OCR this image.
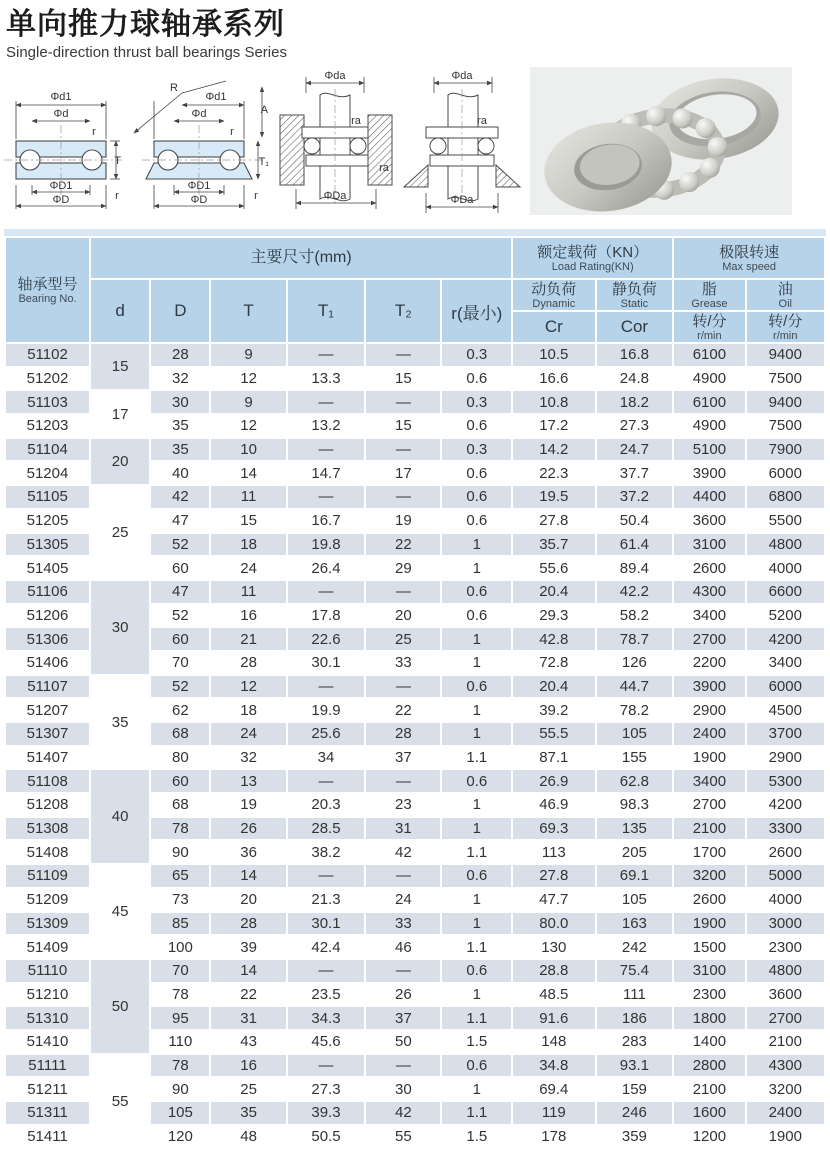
单向推力球轴承系列
Single-direction thrust ball bearings Series
Φd1
Φd
r
T
ΦD1
ΦD	r
R
Φd1
A
Φd
r
T₁
ΦD1
ΦD	r
Φda
ra
ra
ΦDa
Φda
ra
ΦDa
轴承型号
Bearing No.

主要尺寸(mm)	额定载荷（KN）
Load Rating(KN)

极限转速
Max speed

d	D	T	T₁	T₂	r(最小)

动负荷
Dynamic

静负荷
Static

脂
Grease

油
Oil

Cr	Cor	转/分
r/min

转/分
r/min

51102	15	28	9	—	—	0.3	10.5	16.8	6100	9400
51202		32	12	13.3	15	0.6	16.6	24.8	4900	7500
51103	17	30	9	—	—	0.3	10.8	18.2	6100	9400
51203		35	12	13.2	15	0.6	17.2	27.3	4900	7500
51104	20	35	10	—	—	0.3	14.2	24.7	5100	7900
51204		40	14	14.7	17	0.6	22.3	37.7	3900	6000
51105	25	42	11	—	—	0.6	19.5	37.2	4400	6800
51205		47	15	16.7	19	0.6	27.8	50.4	3600	5500
51305		52	18	19.8	22	1	35.7	61.4	3100	4800
51405		60	24	26.4	29	1	55.6	89.4	2600	4000
51106	30	47	11	—	—	0.6	20.4	42.2	4300	6600
51206		52	16	17.8	20	0.6	29.3	58.2	3400	5200
51306		60	21	22.6	25	1	42.8	78.7	2700	4200
51406		70	28	30.1	33	1	72.8	126	2200	3400
51107	35	52	12	—	—	0.6	20.4	44.7	3900	6000
51207		62	18	19.9	22	1	39.2	78.2	2900	4500
51307		68	24	25.6	28	1	55.5	105	2400	3700
51407		80	32	34	37	1.1	87.1	155	1900	2900
51108	40	60	13	—	—	0.6	26.9	62.8	3400	5300
51208		68	19	20.3	23	1	46.9	98.3	2700	4200
51308		78	26	28.5	31	1	69.3	135	2100	3300
51408		90	36	38.2	42	1.1	113	205	1700	2600
51109	45	65	14	—	—	0.6	27.8	69.1	3200	5000
51209		73	20	21.3	24	1	47.7	105	2600	4000
51309		85	28	30.1	33	1	80.0	163	1900	3000
51409		100	39	42.4	46	1.1	130	242	1500	2300
51110	50	70	14	—	—	0.6	28.8	75.4	3100	4800
51210		78	22	23.5	26	1	48.5	111	2300	3600
51310		95	31	34.3	37	1.1	91.6	186	1800	2700
51410		110	43	45.6	50	1.5	148	283	1400	2100
51111	55	78	16	—	—	0.6	34.8	93.1	2800	4300
51211		90	25	27.3	30	1	69.4	159	2100	3200
51311		105	35	39.3	42	1.1	119	246	1600	2400
51411		120	48	50.5	55	1.5	178	359	1200	1900
